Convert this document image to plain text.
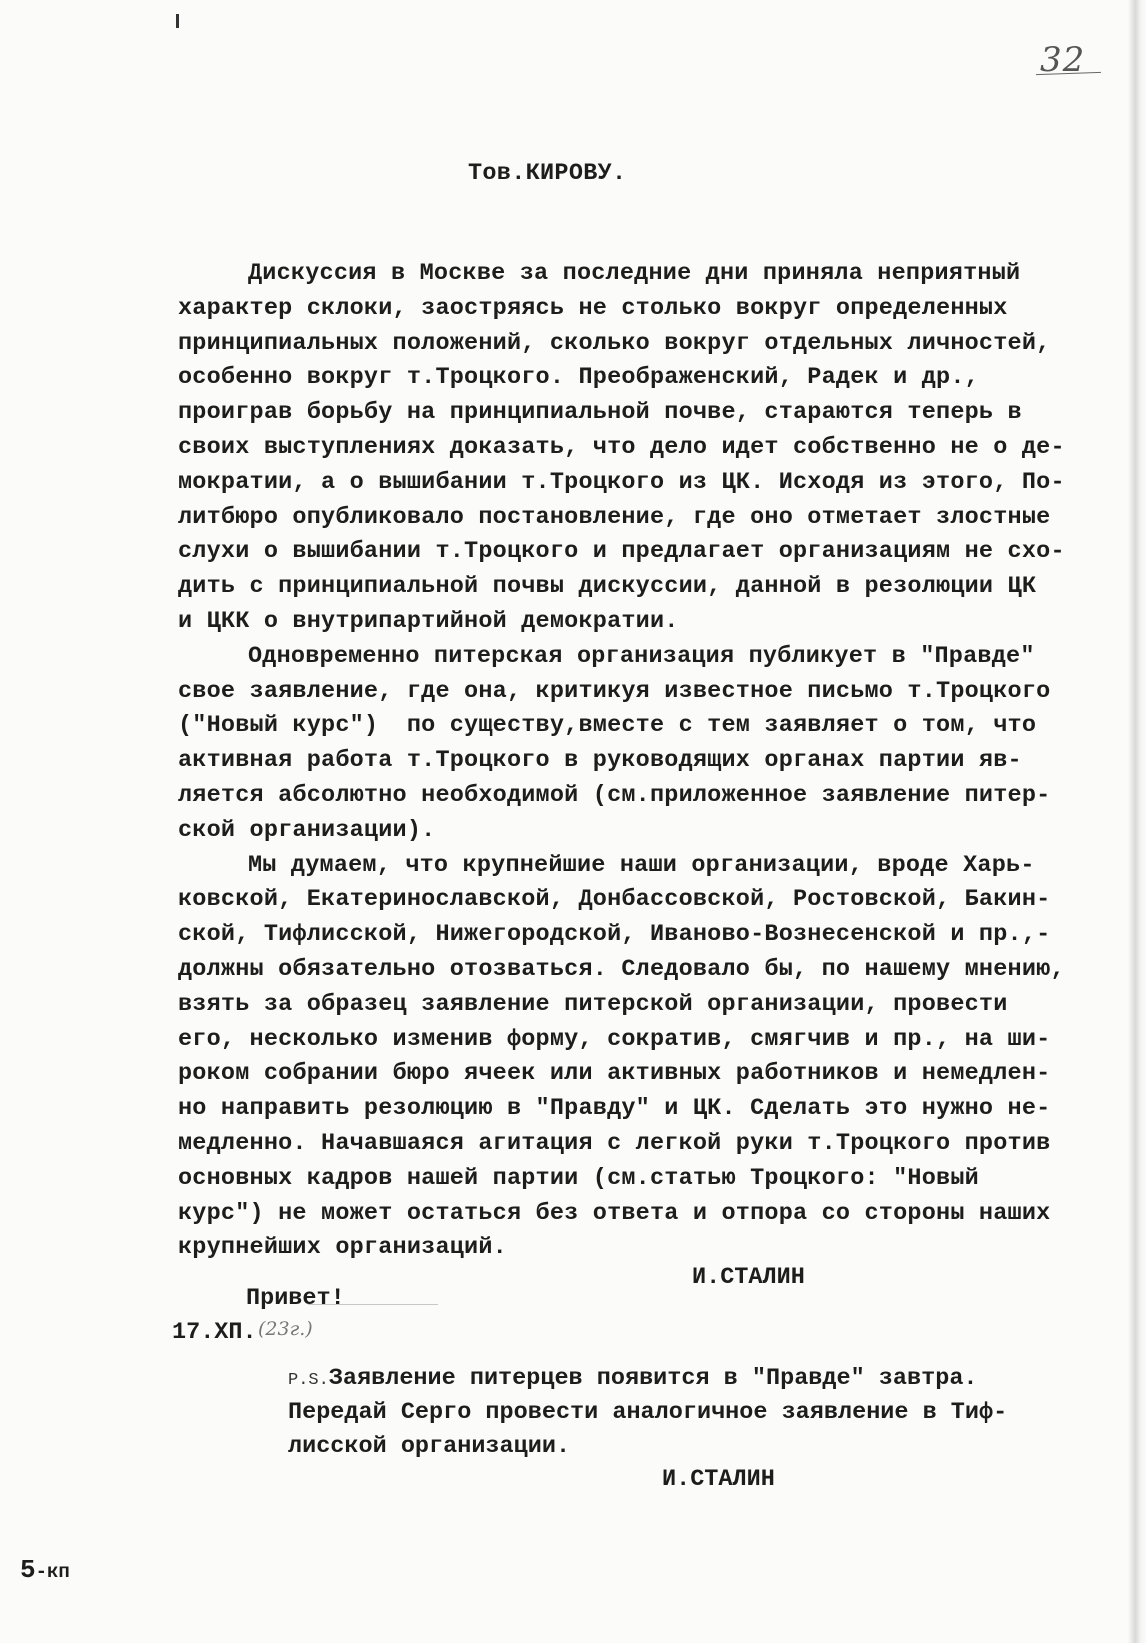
32
Тов.КИРОВУ.
Дискуссия в Москве за последние дни приняла неприятный
характер склоки, заостряясь не столько вокруг определенных
принципиальных положений, сколько вокруг отдельных личностей,
особенно вокруг т.Троцкого. Преображенский, Радек и др.,
проиграв борьбу на принципиальной почве, стараются теперь в
своих выступлениях доказать, что дело идет собственно не о де-
мократии, а о вышибании т.Троцкого из ЦК. Исходя из этого, По-
литбюро опубликовало постановление, где оно отметает злостные
слухи о вышибании т.Троцкого и предлагает организациям не схо-
дить с принципиальной почвы дискуссии, данной в резолюции ЦК
и ЦКК о внутрипартийной демократии.
Одновременно питерская организация публикует в "Правде"
свое заявление, где она, критикуя известное письмо т.Троцкого
("Новый курс")  по существу,вместе с тем заявляет о том, что
активная работа т.Троцкого в руководящих органах партии яв-
ляется абсолютно необходимой (см.приложенное заявление питер-
ской организации).
Мы думаем, что крупнейшие наши организации, вроде Харь-
ковской, Екатеринославской, Донбассовской, Ростовской, Бакин-
ской, Тифлисской, Нижегородской, Иваново-Вознесенской и пр.,-
должны обязательно отозваться. Следовало бы, по нашему мнению,
взять за образец заявление питерской организации, провести
его, несколько изменив форму, сократив, смягчив и пр., на ши-
роком собрании бюро ячеек или активных работников и немедлен-
но направить резолюцию в "Правду" и ЦК. Сделать это нужно не-
медленно. Начавшаяся агитация с легкой руки т.Троцкого против
основных кадров нашей партии (см.статью Троцкого: "Новый
курс") не может остаться без ответа и отпора со стороны наших
крупнейших организаций.
И.СТАЛИН
Привет!
17.ХП. (23г.)
P.S.Заявление питерцев появится в "Правде" завтра.
Передай Серго провести аналогичное заявление в Тиф-
лисской организации.
И.СТАЛИН
5-кп
